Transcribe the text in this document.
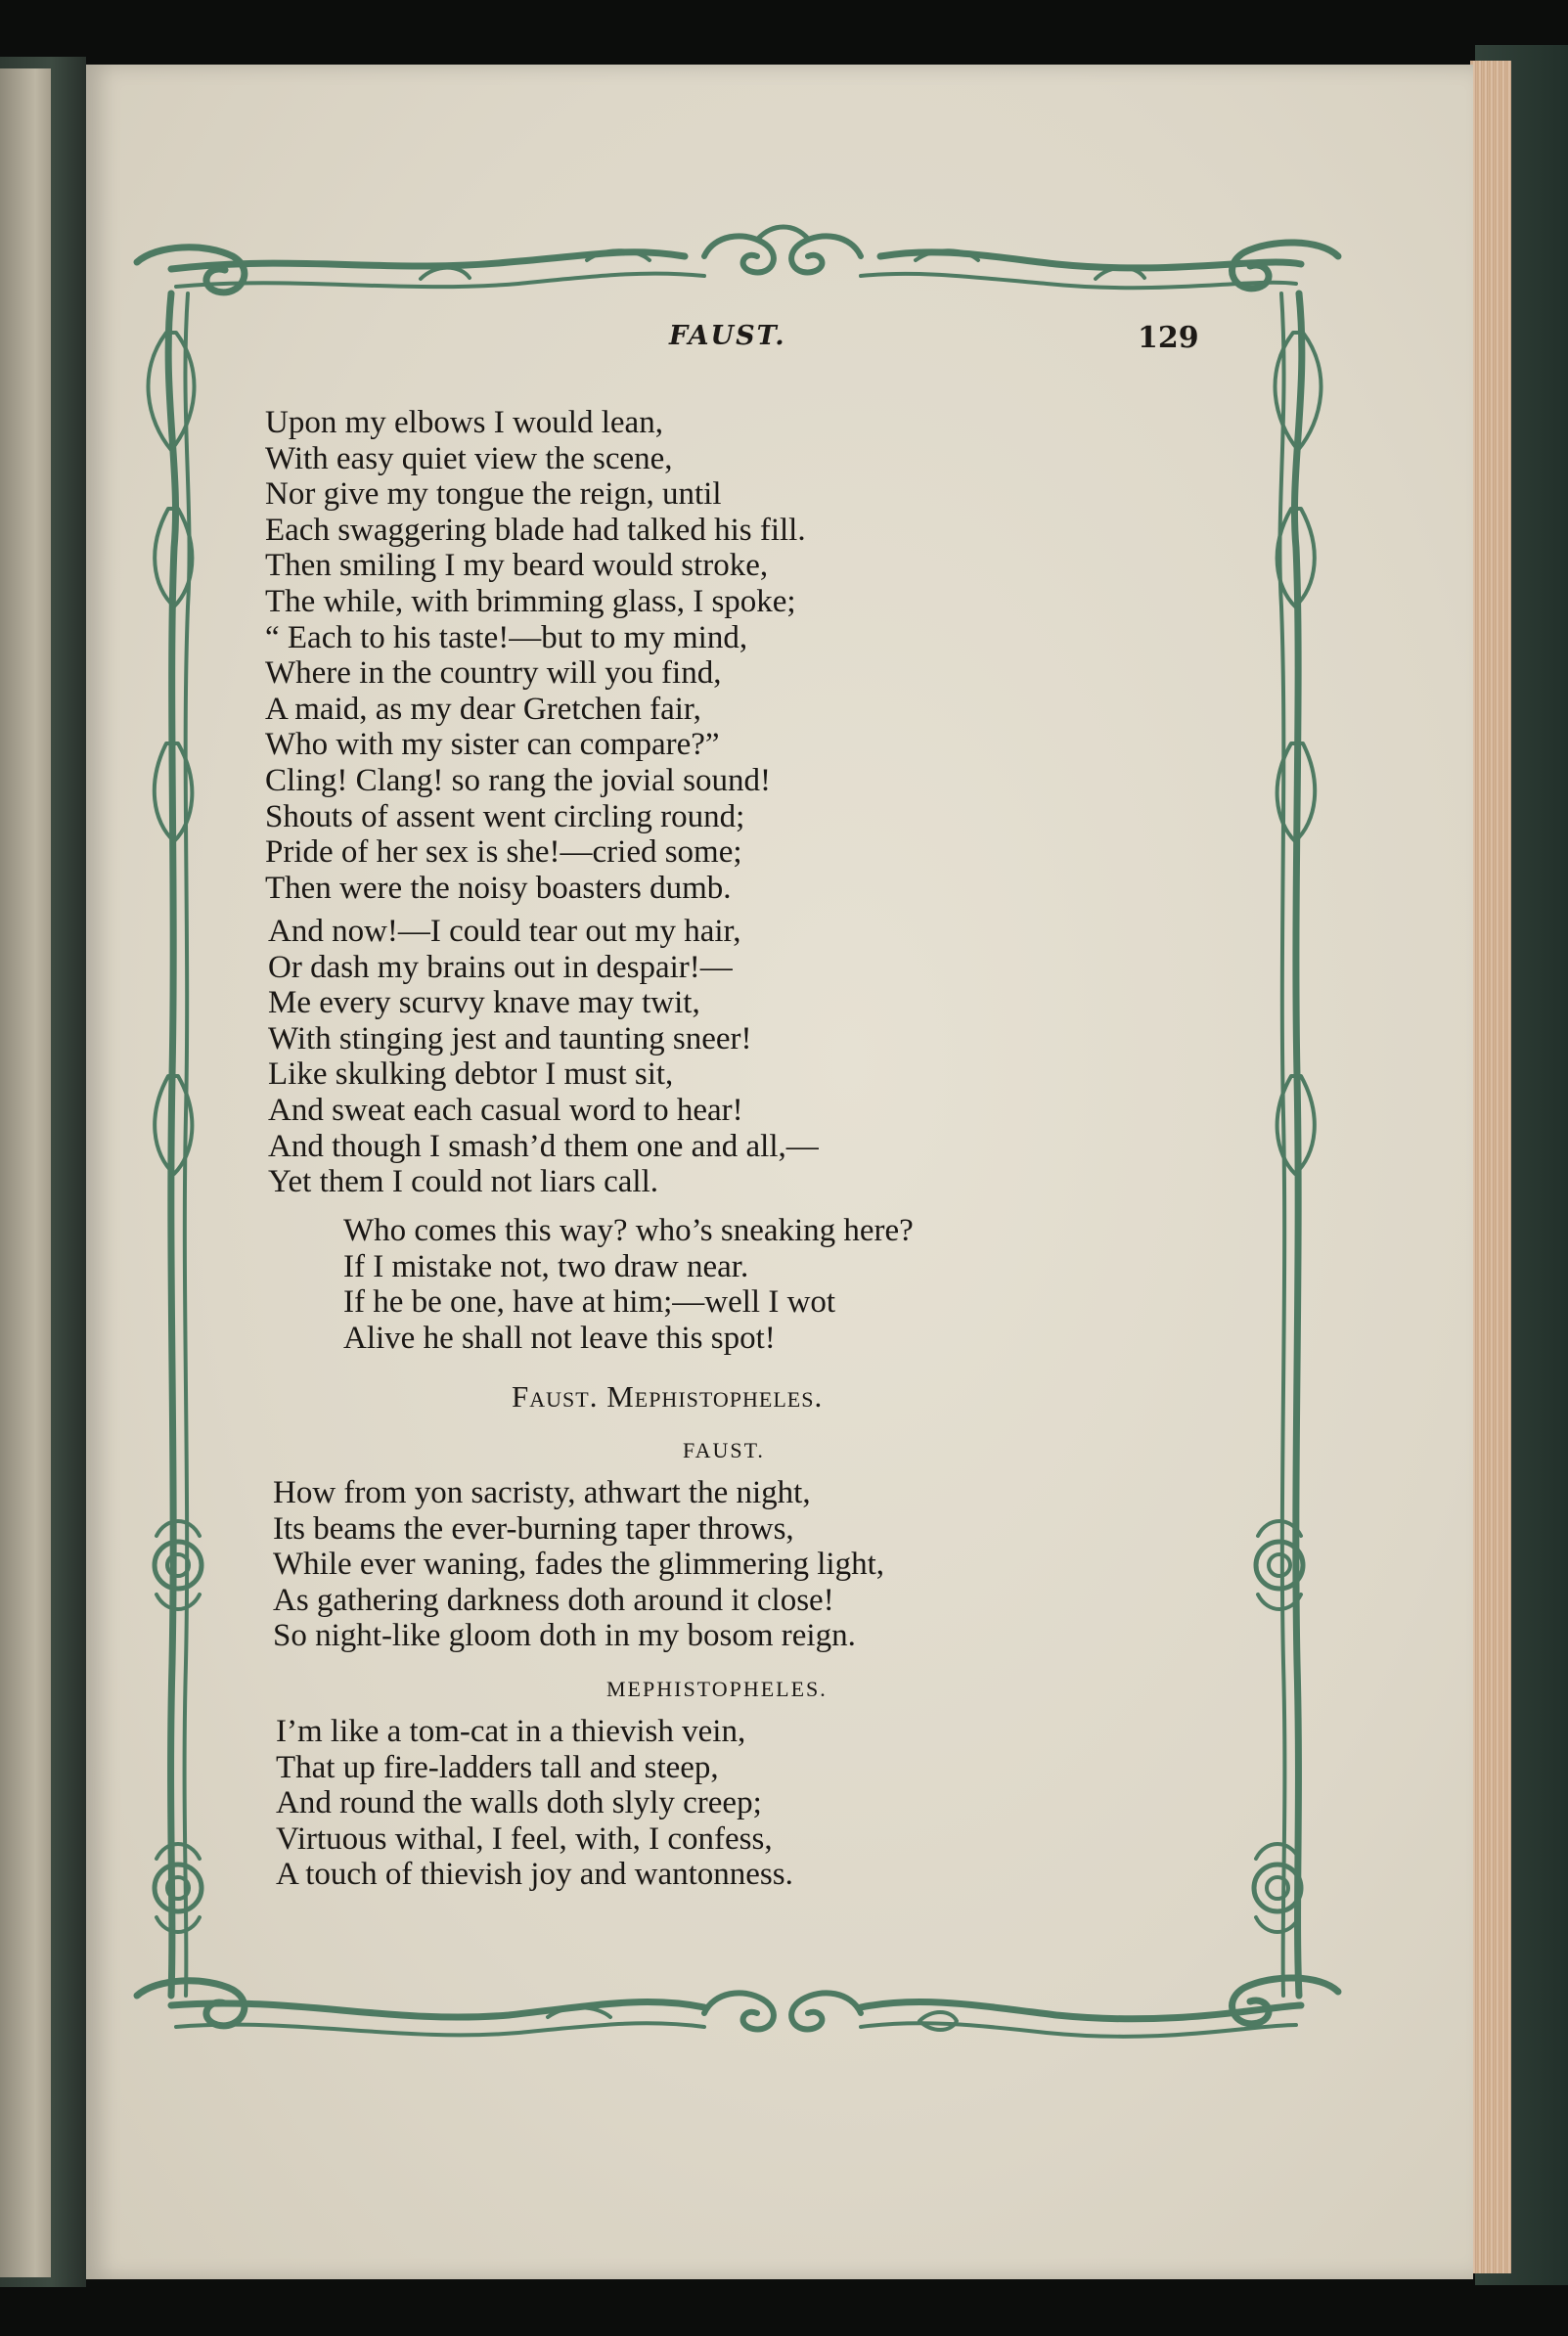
FAUST.	129
Upon my elbows I would lean,
With easy quiet view the scene,
Nor give my tongue the reign, until
Each swaggering blade had talked his fill.
Then smiling I my beard would stroke,
The while, with brimming glass, I spoke;
“ Each to his taste!—but to my mind,
Where in the country will you find,
A maid, as my dear Gretchen fair,
Who with my sister can compare?”
Cling! Clang! so rang the jovial sound!
Shouts of assent went circling round;
Pride of her sex is she!—cried some;
Then were the noisy boasters dumb.
And now!—I could tear out my hair,
Or dash my brains out in despair!—
Me every scurvy knave may twit,
With stinging jest and taunting sneer!
Like skulking debtor I must sit,
And sweat each casual word to hear!
And though I smash’d them one and all,—
Yet them I could not liars call.
Who comes this way? who’s sneaking here?
If I mistake not, two draw near.
If he be one, have at him;—well I wot
Alive he shall not leave this spot!
Faust. Mephistopheles.
FAUST.
How from yon sacristy, athwart the night,
Its beams the ever-burning taper throws,
While ever waning, fades the glimmering light,
As gathering darkness doth around it close!
So night-like gloom doth in my bosom reign.
MEPHISTOPHELES.
I’m like a tom-cat in a thievish vein,
That up fire-ladders tall and steep,
And round the walls doth slyly creep;
Virtuous withal, I feel, with, I confess,
A touch of thievish joy and wantonness.
